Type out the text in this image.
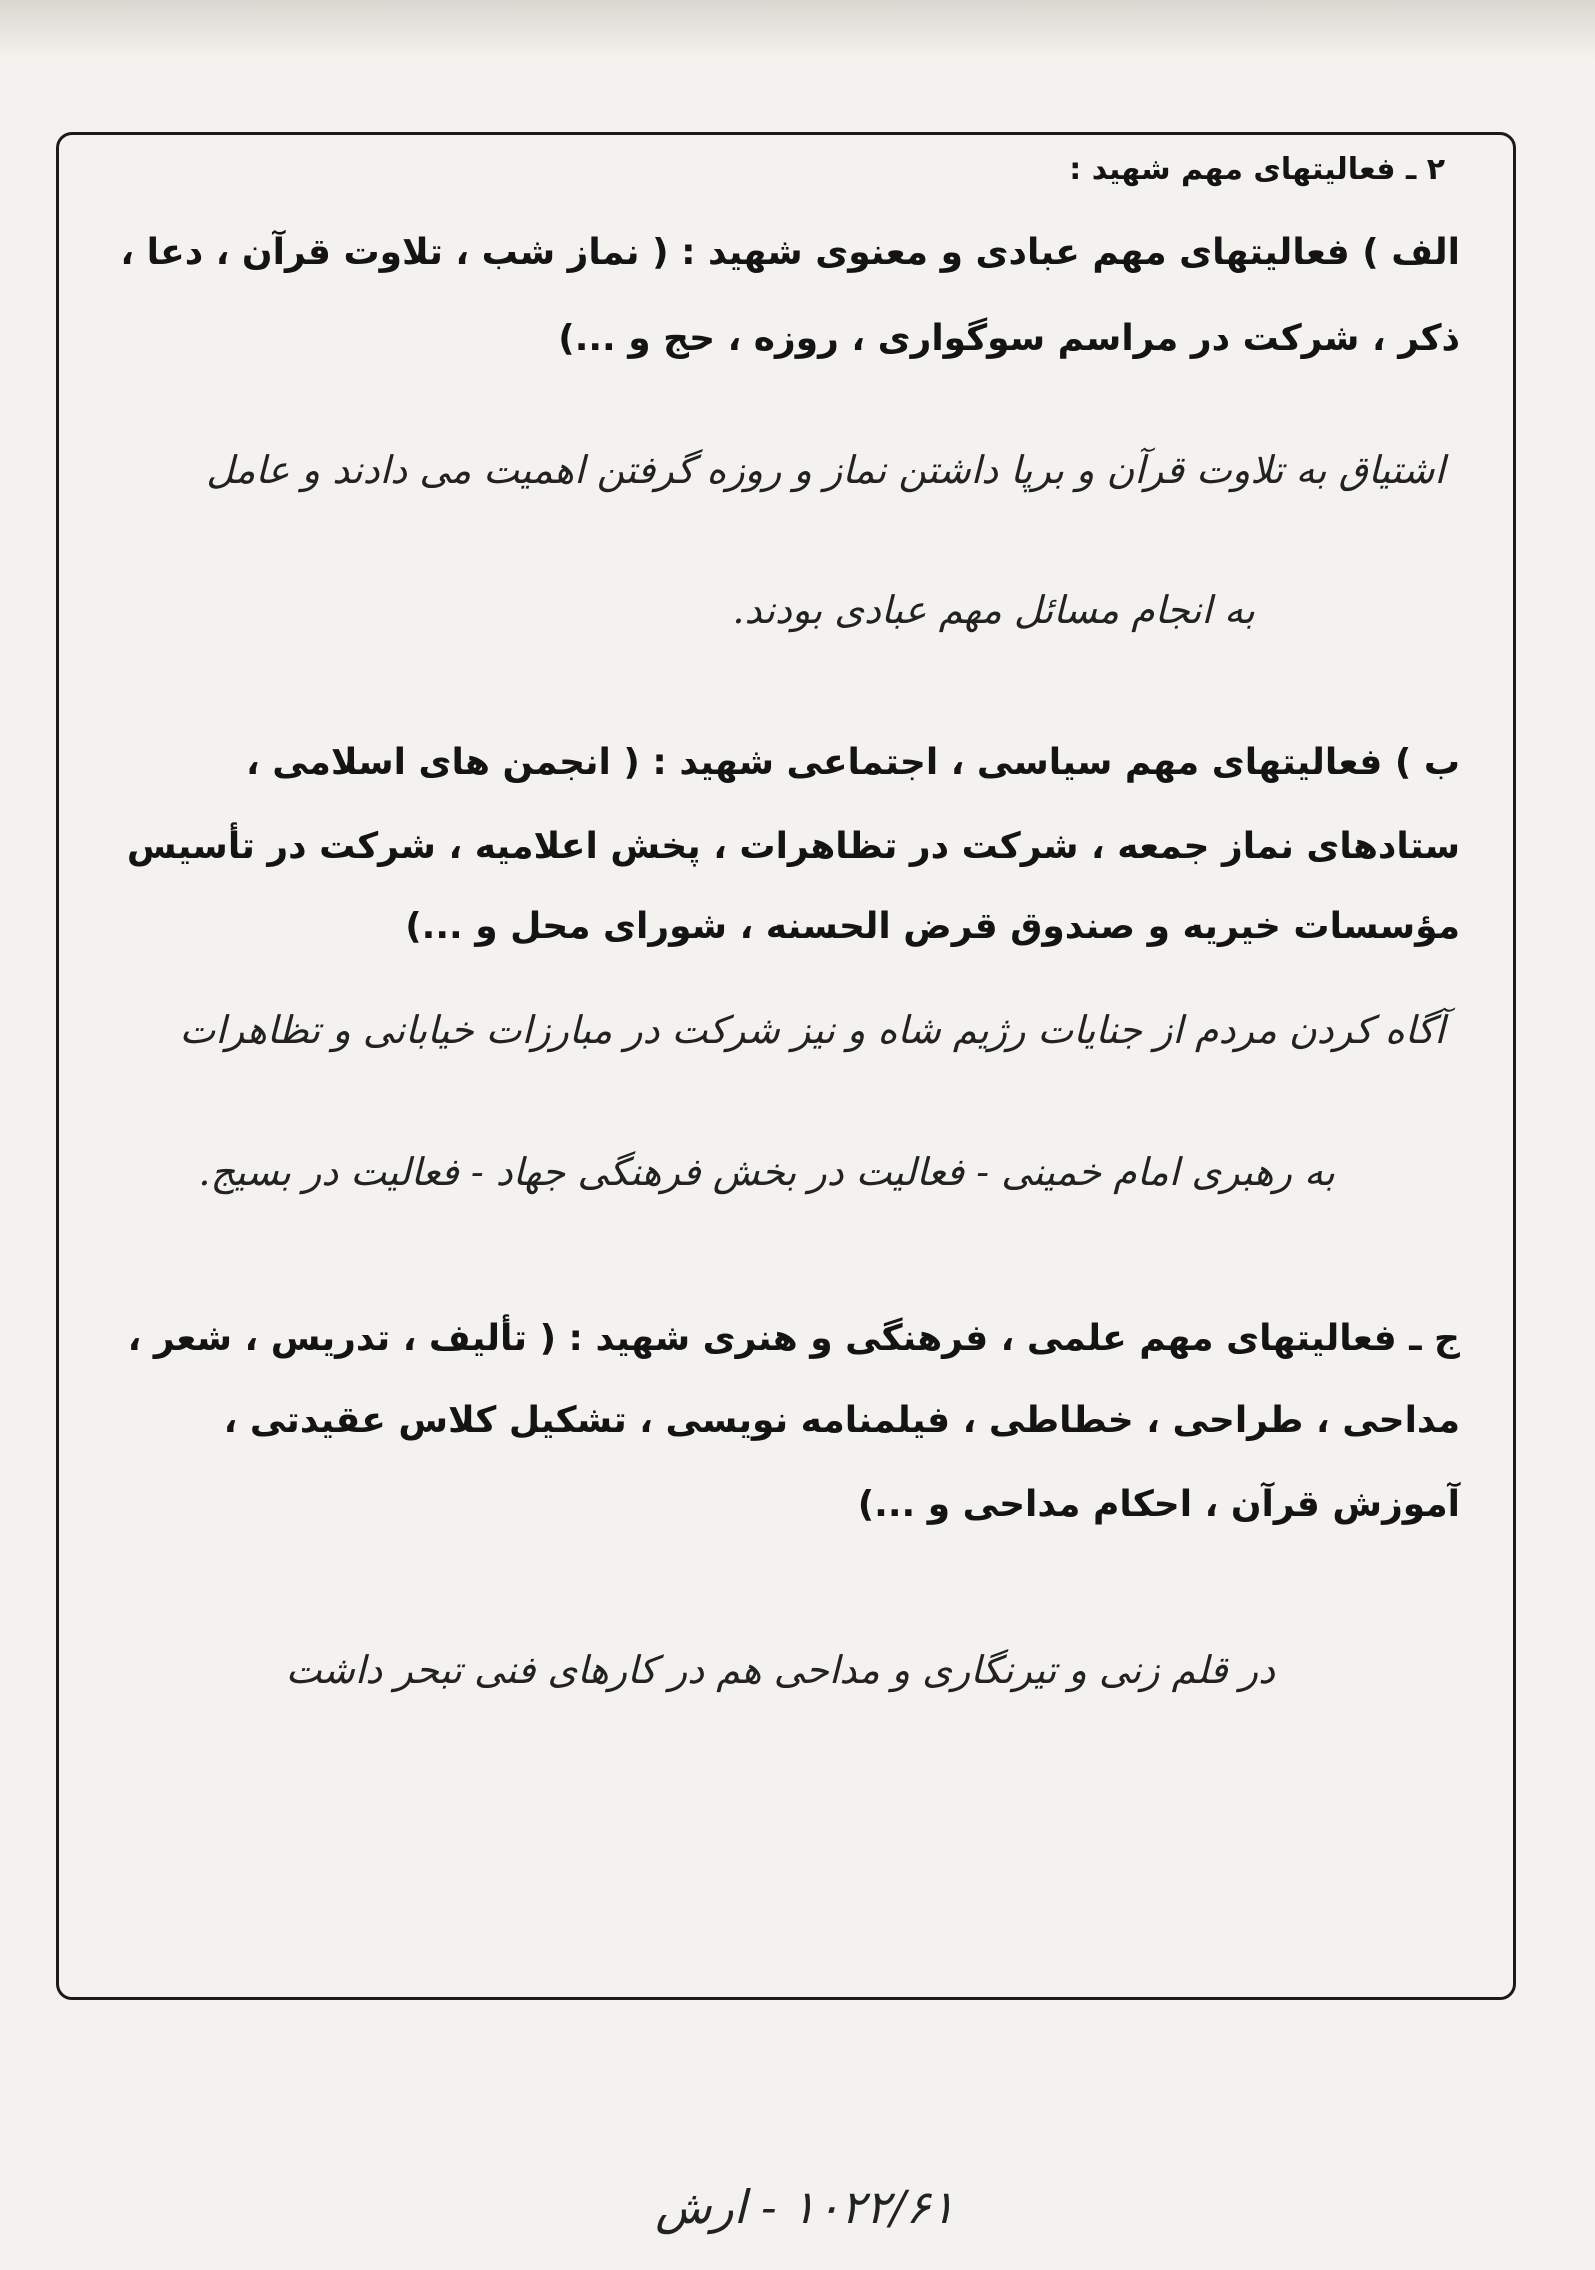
۲ ـ فعالیتهای مهم شهید :
الف ) فعالیتهای مهم عبادی و معنوی شهید : ( نماز شب ، تلاوت قرآن ، دعا ،
ذکر ، شرکت در مراسم سوگواری ، روزه ، حج و ...)
اشتیاق به تلاوت قرآن و برپا داشتن نماز و روزه گرفتن اهمیت می دادند و عامل
به انجام مسائل مهم عبادی بودند.
ب ) فعالیتهای مهم سیاسی ، اجتماعی شهید : ( انجمن های اسلامی ،
ستادهای نماز جمعه ، شرکت در تظاهرات ، پخش اعلامیه ، شرکت در تأسیس
مؤسسات خیریه و صندوق قرض الحسنه ، شورای محل و ...)
آگاه کردن مردم از جنایات رژیم شاه و نیز شرکت در مبارزات خیابانی و تظاهرات
به رهبری امام خمینی - فعالیت در بخش فرهنگی جهاد - فعالیت در بسیج.
ج ـ فعالیتهای مهم علمی ، فرهنگی و هنری شهید : ( تألیف ، تدریس ، شعر ،
مداحی ، طراحی ، خطاطی ، فیلمنامه نویسی ، تشکیل کلاس عقیدتی ،
آموزش قرآن ، احکام مداحی و ...)
در قلم زنی و تیرنگاری و مداحی هم در کارهای فنی تبحر داشت
۱۰۲۲/۶۱ - ارش
